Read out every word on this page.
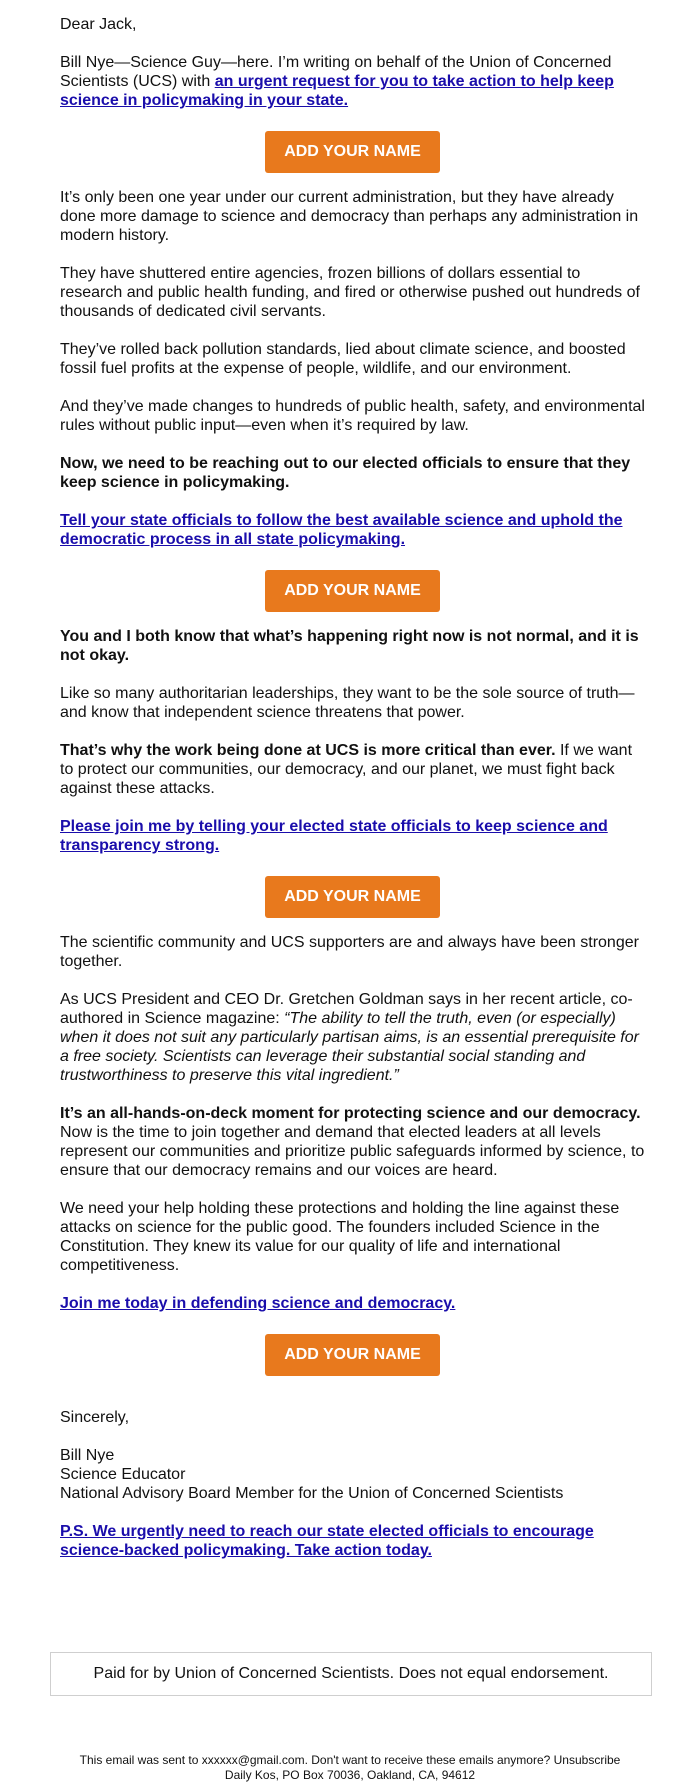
Dear Jack,

Bill Nye—Science Guy—here. I’m writing on behalf of the Union of Concerned Scientists (UCS) with an urgent request for you to take action to help keep science in policymaking in your state.

ADD YOUR NAME

It’s only been one year under our current administration, but they have already done more damage to science and democracy than perhaps any administration in modern history.

They have shuttered entire agencies, frozen billions of dollars essential to research and public health funding, and fired or otherwise pushed out hundreds of thousands of dedicated civil servants.

They’ve rolled back pollution standards, lied about climate science, and boosted fossil fuel profits at the expense of people, wildlife, and our environment.

And they’ve made changes to hundreds of public health, safety, and environmental rules without public input—even when it’s required by law.

Now, we need to be reaching out to our elected officials to ensure that they keep science in policymaking.

Tell your state officials to follow the best available science and uphold the democratic process in all state policymaking.

ADD YOUR NAME

You and I both know that what’s happening right now is not normal, and it is not okay.

Like so many authoritarian leaderships, they want to be the sole source of truth—and know that independent science threatens that power.

That’s why the work being done at UCS is more critical than ever. If we want to protect our communities, our democracy, and our planet, we must fight back against these attacks.

Please join me by telling your elected state officials to keep science and transparency strong.

ADD YOUR NAME

The scientific community and UCS supporters are and always have been stronger together.

As UCS President and CEO Dr. Gretchen Goldman says in her recent article, co-authored in Science magazine: “The ability to tell the truth, even (or especially) when it does not suit any particularly partisan aims, is an essential prerequisite for a free society. Scientists can leverage their substantial social standing and trustworthiness to preserve this vital ingredient.”

It’s an all-hands-on-deck moment for protecting science and our democracy. Now is the time to join together and demand that elected leaders at all levels represent our communities and prioritize public safeguards informed by science, to ensure that our democracy remains and our voices are heard.

We need your help holding these protections and holding the line against these attacks on science for the public good. The founders included Science in the Constitution. They knew its value for our quality of life and international competitiveness.

Join me today in defending science and democracy.

ADD YOUR NAME

Sincerely,

Bill Nye

Science Educator

National Advisory Board Member for the Union of Concerned Scientists

P.S. We urgently need to reach our state elected officials to encourage science-backed policymaking. Take action today.

Paid for by Union of Concerned Scientists. Does not equal endorsement.
This email was sent to xxxxxx@gmail.com. Don't want to receive these emails anymore? Unsubscribe
Daily Kos, PO Box 70036, Oakland, CA, 94612
